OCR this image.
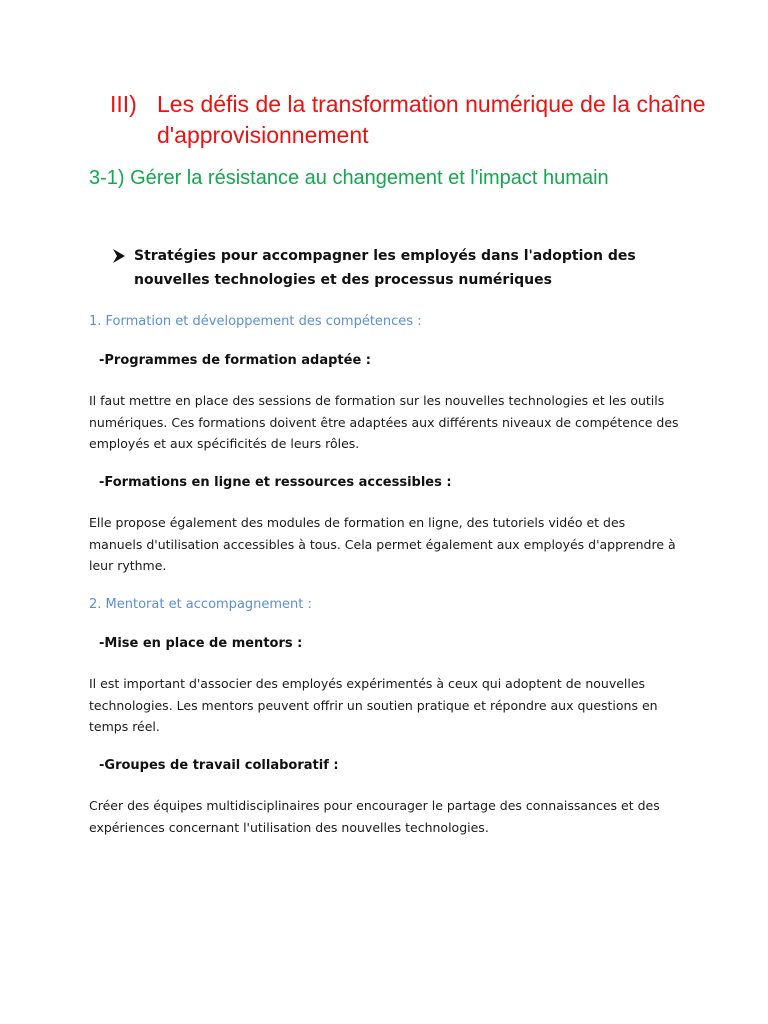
III) Les défis de la transformation numérique de la chaîne d'approvisionnement
3-1) Gérer la résistance au changement et l'impact humain
Stratégies pour accompagner les employés dans l'adoption des nouvelles technologies et des processus numériques
1. Formation et développement des compétences :
-Programmes de formation adaptée :
Il faut mettre en place des sessions de formation sur les nouvelles technologies et les outils numériques. Ces formations doivent être adaptées aux différents niveaux de compétence des employés et aux spécificités de leurs rôles.
-Formations en ligne et ressources accessibles :
Elle propose également des modules de formation en ligne, des tutoriels vidéo et des manuels d'utilisation accessibles à tous. Cela permet également aux employés d'apprendre à leur rythme.
2. Mentorat et accompagnement :
-Mise en place de mentors :
Il est important d'associer des employés expérimentés à ceux qui adoptent de nouvelles technologies. Les mentors peuvent offrir un soutien pratique et répondre aux questions en temps réel.
-Groupes de travail collaboratif :
Créer des équipes multidisciplinaires pour encourager le partage des connaissances et des expériences concernant l'utilisation des nouvelles technologies.
